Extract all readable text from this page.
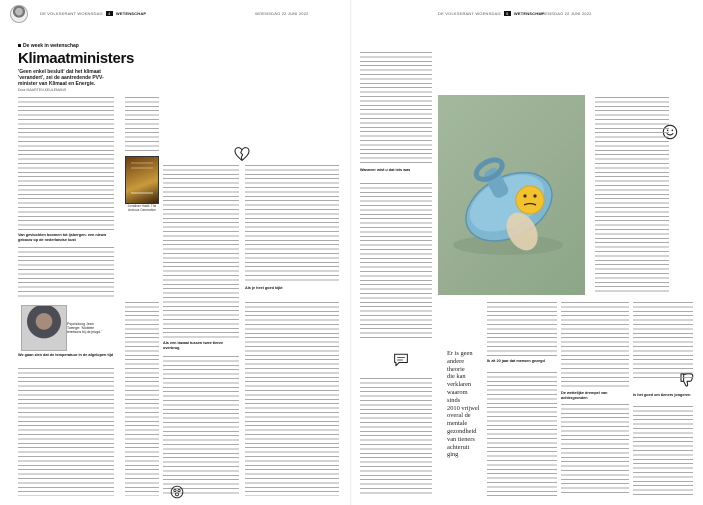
DE VOLKSKRANT WOENSDAG 4 WETENSCHAP	WOENSDAG 22 JUNI 2022
De week in wetenschap
Klimaatministers
'Geen enkel besluit' dat het klimaat 'verandert', zei de aantredende PVV-minister van Klimaat en Energie.
Door MAARTEN KEULEMANS
Van gevlochten boomen tot ijsbergen: een nieuw gebouw op de nederlandse kust
We gaan zien dat de temperatuur in de afgelopen tijd
Psycholoog Jean Twenge: 'Mobiele telefoons bij de jeugd.'
Jonathan Haidt: The Anxious Generation
Als een lawaai tussen twee tienre overbrug
Als je heel goed kijkt
DE VOLKSKRANT WOENSDAG 5 WETENSCHAP
WOENSDAG 22 JUNI 2022
Wanneer wist u dat iets was
Er is geen
andere theorie
die kan
verklaren
waarom sinds
2010 vrijwel
overal de
mentale
gezondheid
van tieners
achteruit
ging
Ik zit 20 jaar dat mensen gezegd
De wettelijke drempel van achtergronden
Is het goed om tieners jongeren
